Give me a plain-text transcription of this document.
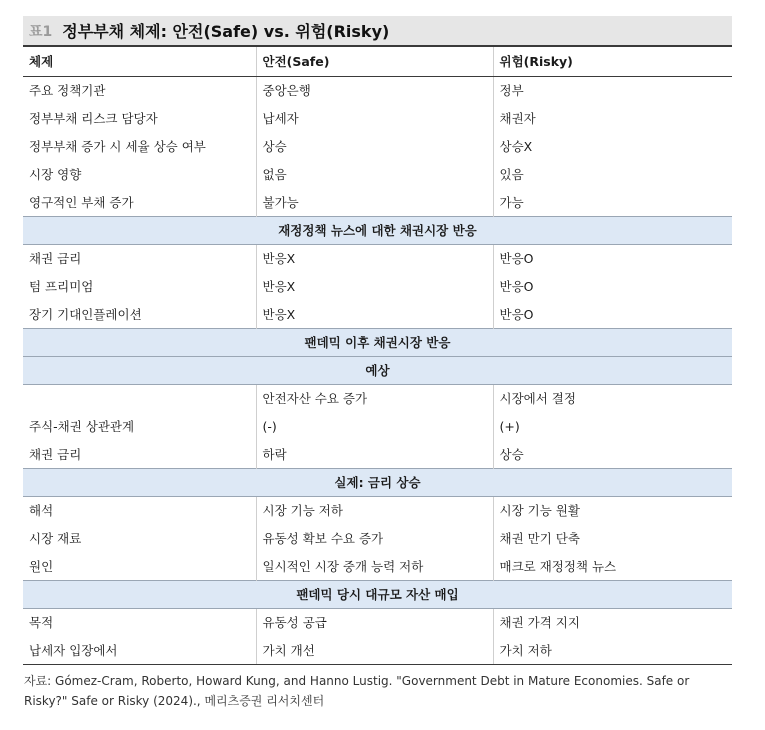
표1 정부부채 체제: 안전(Safe) vs. 위험(Risky)
체제	안전(Safe)	위험(Risky)
주요 정책기관	중앙은행	정부
정부부채 리스크 담당자	납세자	채권자
정부부채 증가 시 세율 상승 여부	상승	상승X
시장 영향	없음	있음
영구적인 부채 증가	불가능	가능
재정정책 뉴스에 대한 채권시장 반응		
채권 금리	반응X	반응O
텀 프리미엄	반응X	반응O
장기 기대인플레이션	반응X	반응O
팬데믹 이후 채권시장 반응		
예상		
	안전자산 수요 증가	시장에서 결정
주식-채권 상관관계	(-)	(+)
채권 금리	하락	상승
실제: 금리 상승		
해석	시장 기능 저하	시장 기능 원활
시장 재료	유동성 확보 수요 증가	채권 만기 단축
원인	일시적인 시장 중개 능력 저하	매크로 재정정책 뉴스
팬데믹 당시 대규모 자산 매입		
목적	유동성 공급	채권 가격 지지
납세자 입장에서	가치 개선	가치 저하
자료: Gómez-Cram, Roberto, Howard Kung, and Hanno Lustig. "Government Debt in Mature Economies. Safe or Risky?" Safe or Risky (2024)., 메리츠증권 리서치센터
